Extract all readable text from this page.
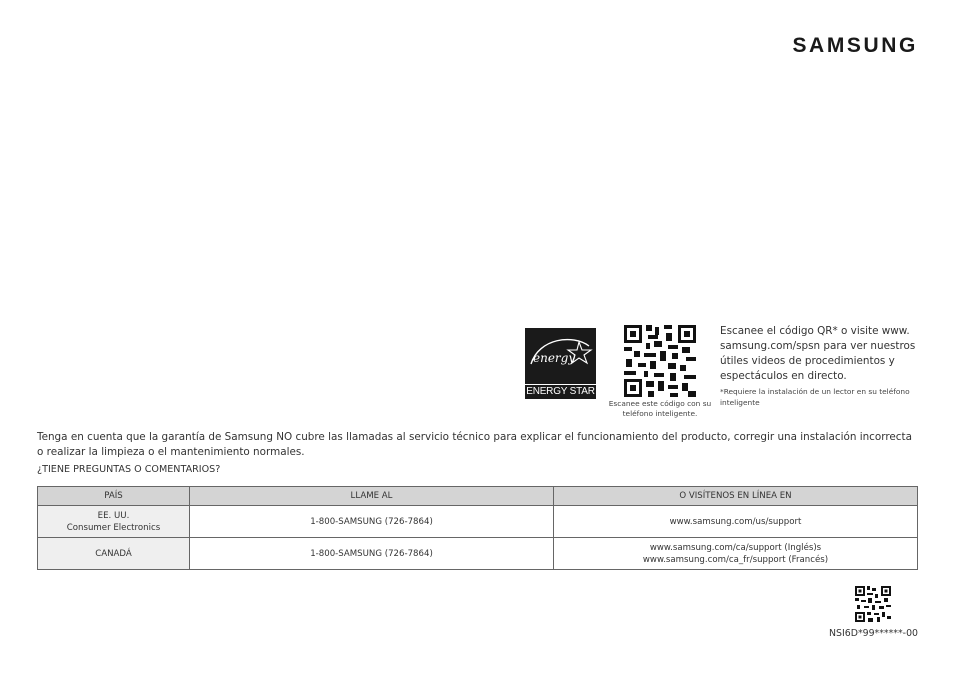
SAMSUNG
energy
ENERGY STAR
Escanee este código con su teléfono inteligente.
Escanee el código QR* o visite www. samsung.com/spsn para ver nuestros útiles videos de procedimientos y espectáculos en directo.
*Requiere la instalación de un lector en su teléfono inteligente
Tenga en cuenta que la garantía de Samsung NO cubre las llamadas al servicio técnico para explicar el funcionamiento del producto, corregir una instalación incorrecta o realizar la limpieza o el mantenimiento normales.
¿TIENE PREGUNTAS O COMENTARIOS?
PAÍS	LLAME AL	O VISÍTENOS EN LÍNEA EN

EE. UU.
Consumer Electronics	1-800-SAMSUNG (726-7864)	www.samsung.com/us/support

CANADÁ	1-800-SAMSUNG (726-7864)	www.samsung.com/ca/support (Inglés)s
www.samsung.com/ca_fr/support (Francés)
NSI6D*99******-00
